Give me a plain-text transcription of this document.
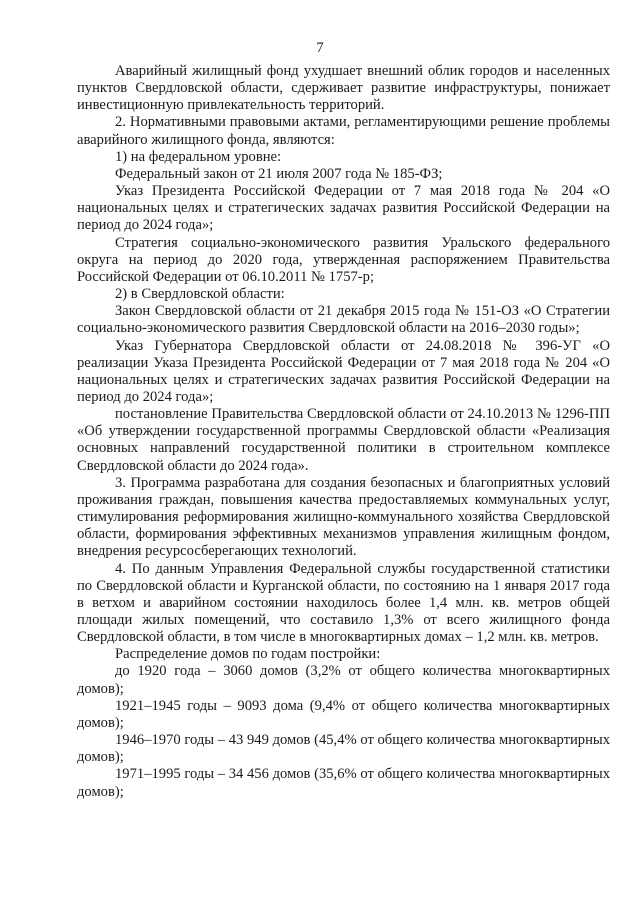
7

Аварийный жилищный фонд ухудшает внешний облик городов и населенных пунктов Свердловской области, сдерживает развитие инфраструктуры, понижает инвестиционную привлекательность территорий.

2. Нормативными правовыми актами, регламентирующими решение проблемы аварийного жилищного фонда, являются:

1) на федеральном уровне:

Федеральный закон от 21 июля 2007 года № 185-ФЗ;

Указ Президента Российской Федерации от 7 мая 2018 года № 204 «О национальных целях и стратегических задачах развития Российской Федерации на период до 2024 года»;

Стратегия социально-экономического развития Уральского федерального округа на период до 2020 года, утвержденная распоряжением Правительства Российской Федерации от 06.10.2011 № 1757-р;

2) в Свердловской области:

Закон Свердловской области от 21 декабря 2015 года № 151-ОЗ «О Стратегии социально-экономического развития Свердловской области на 2016–2030 годы»;

Указ Губернатора Свердловской области от 24.08.2018 № 396-УГ «О реализации Указа Президента Российской Федерации от 7 мая 2018 года № 204 «О национальных целях и стратегических задачах развития Российской Федерации на период до 2024 года»;

постановление Правительства Свердловской области от 24.10.2013 № 1296-ПП «Об утверждении государственной программы Свердловской области «Реализация основных направлений государственной политики в строительном комплексе Свердловской области до 2024 года».

3. Программа разработана для создания безопасных и благоприятных условий проживания граждан, повышения качества предоставляемых коммунальных услуг, стимулирования реформирования жилищно-коммунального хозяйства Свердловской области, формирования эффективных механизмов управления жилищным фондом, внедрения ресурсосберегающих технологий.

4. По данным Управления Федеральной службы государственной статистики по Свердловской области и Курганской области, по состоянию на 1 января 2017 года в ветхом и аварийном состоянии находилось более 1,4 млн. кв. метров общей площади жилых помещений, что составило 1,3% от всего жилищного фонда Свердловской области, в том числе в многоквартирных домах – 1,2 млн. кв. метров.

Распределение домов по годам постройки:

до 1920 года – 3060 домов (3,2% от общего количества многоквартирных домов);

1921–1945 годы – 9093 дома (9,4% от общего количества многоквартирных домов);

1946–1970 годы – 43 949 домов (45,4% от общего количества многоквартирных домов);

1971–1995 годы – 34 456 домов (35,6% от общего количества многоквартирных домов);
